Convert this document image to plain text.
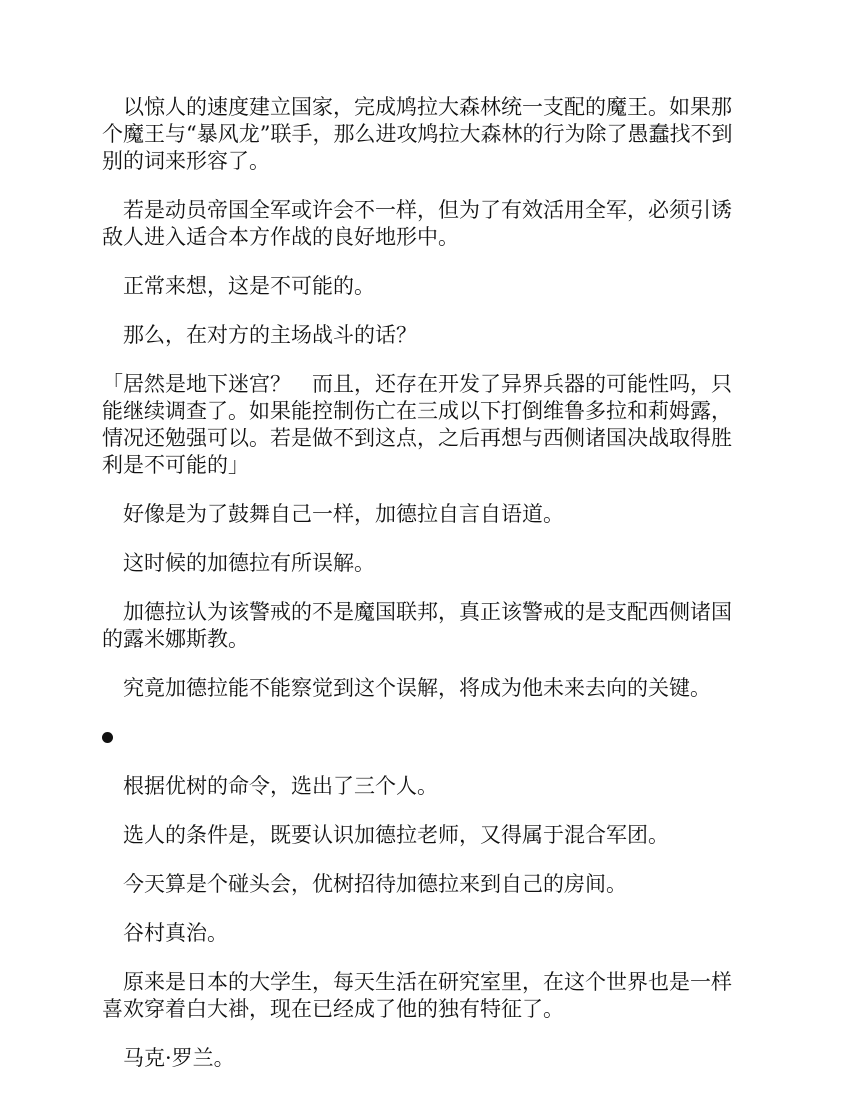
以惊人的速度建立国家，完成鸠拉大森林统一支配的魔王。如果那个魔王与“暴风龙”联手，那么进攻鸠拉大森林的行为除了愚蠢找不到别的词来形容了。

若是动员帝国全军或许会不一样，但为了有效活用全军，必须引诱敌人进入适合本方作战的良好地形中。

正常来想，这是不可能的。

那么，在对方的主场战斗的话？

「居然是地下迷宫？　而且，还存在开发了异界兵器的可能性吗，只能继续调查了。如果能控制伤亡在三成以下打倒维鲁多拉和莉姆露，情况还勉强可以。若是做不到这点，之后再想与西侧诸国决战取得胜利是不可能的」

好像是为了鼓舞自己一样，加德拉自言自语道。

这时候的加德拉有所误解。

加德拉认为该警戒的不是魔国联邦，真正该警戒的是支配西侧诸国的露米娜斯教。

究竟加德拉能不能察觉到这个误解，将成为他未来去向的关键。

根据优树的命令，选出了三个人。

选人的条件是，既要认识加德拉老师，又得属于混合军团。

今天算是个碰头会，优树招待加德拉来到自己的房间。

谷村真治。

原来是日本的大学生，每天生活在研究室里，在这个世界也是一样喜欢穿着白大褂，现在已经成了他的独有特征了。

马克·罗兰。
